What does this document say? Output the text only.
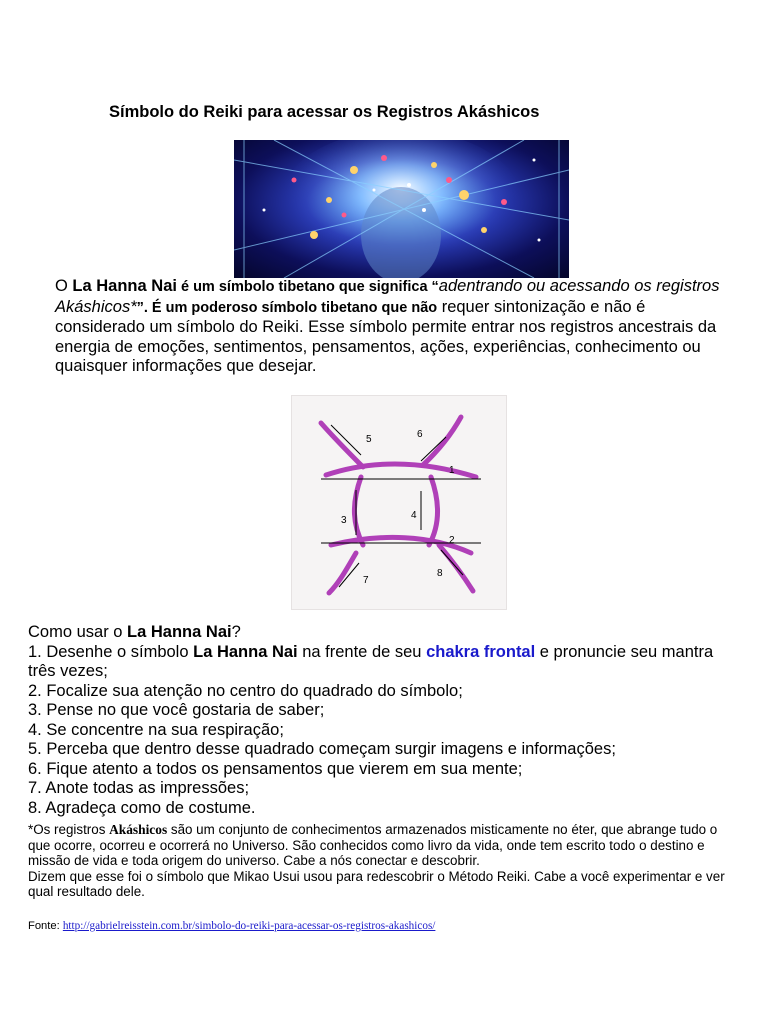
Símbolo do Reiki para acessar os Registros Akáshicos
O La Hanna Nai é um símbolo tibetano que significa “adentrando ou acessando os registros Akáshicos*”. É um poderoso símbolo tibetano que não requer sintonização e não é considerado um símbolo do Reiki. Esse símbolo permite entrar nos registros ancestrais da energia de emoções, sentimentos, pensamentos, ações, experiências, conhecimento ou quaisquer informações que desejar.
1
2
3	4
5	6
7
8

Como usar o La Hanna Nai?

1. Desenhe o símbolo La Hanna Nai na frente de seu chakra frontal e pronuncie seu mantra três vezes;

2. Focalize sua atenção no centro do quadrado do símbolo;

3. Pense no que você gostaria de saber;

4. Se concentre na sua respiração;

5. Perceba que dentro desse quadrado começam surgir imagens e informações;

6. Fique atento a todos os pensamentos que vierem em sua mente;

7. Anote todas as impressões;

8. Agradeça como de costume.

*Os registros Akáshicos são um conjunto de conhecimentos armazenados misticamente no éter, que abrange tudo o que ocorre, ocorreu e ocorrerá no Universo. São conhecidos como livro da vida, onde tem escrito todo o destino e missão de vida e toda origem do universo. Cabe a nós conectar e descobrir.

Dizem que esse foi o símbolo que Mikao Usui usou para redescobrir o Método Reiki. Cabe a você experimentar e ver qual resultado dele.

Fonte: http://gabrielreisstein.com.br/simbolo-do-reiki-para-acessar-os-registros-akashicos/
